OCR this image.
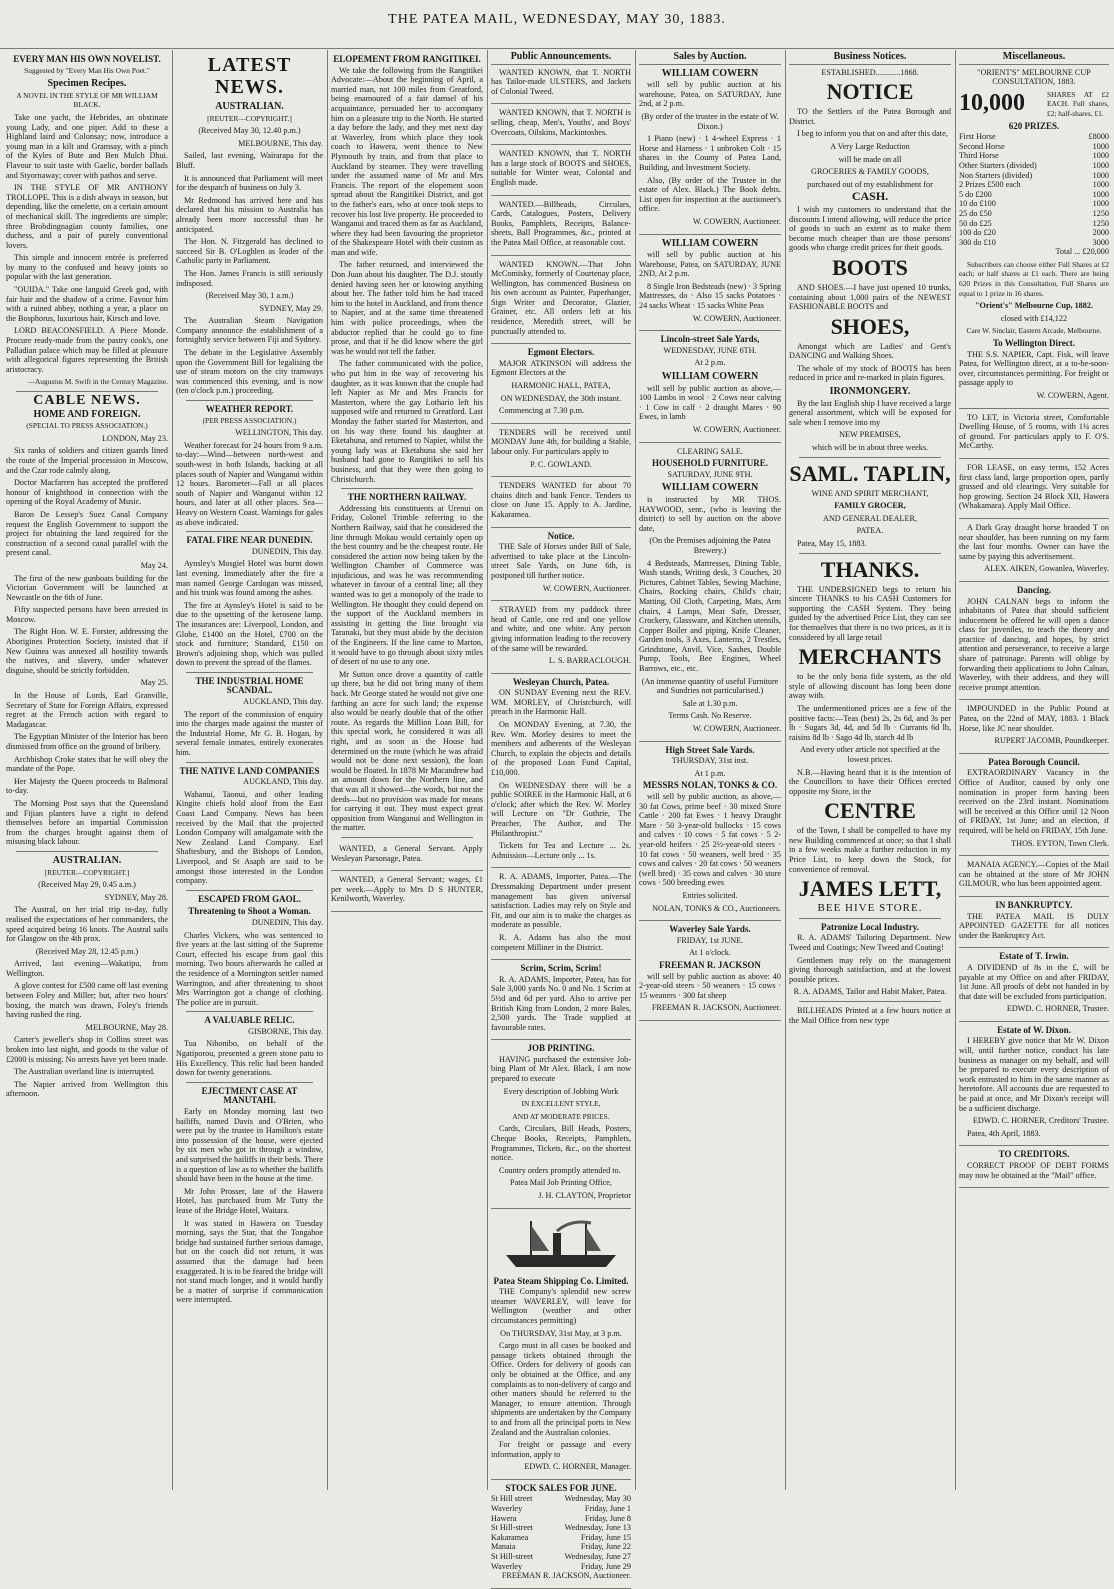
THE PATEA MAIL, WEDNESDAY, MAY 30, 1883.
EVERY MAN HIS OWN NOVELIST.

Suggested by "Every Man His Own Poet."

Specimen Recipes.

A NOVEL IN THE STYLE OF MR WILLIAM BLACK.

Take one yacht, the Hebrides, an obstinate young Lady, and one piper. Add to these a Highland laird and Colonsay; now, introduce a young man in a kilt and Gramsay, with a pinch of the Kyles of Bute and Ben Mulch Dhui. Flavour to suit taste with Gaelic, border ballads and Styornaway; cover with pathos and serve.

IN THE STYLE OF MR ANTHONY TROLLOPE. This is a dish always in season, but depending, like the omelette, on a certain amount of mechanical skill. The ingredients are simple; three Brobdingnagian county families, one duchess, and a pair of purely conventional lovers.

This simple and innocent entrée is preferred by many to the confused and heavy joints so popular with the last generation.

"OUIDA." Take one languid Greek god, with fair hair and the shadow of a crime. Favour him with a ruined abbey, nothing a year, a place on the Bosphorus, luxurious hair, Kirsch and love.

LORD BEACONSFIELD. A Piece Monde. Procure ready-made from the pastry cook's, one Palladian palace which may be filled at pleasure with allegorical figures representing the British aristocracy.

—Augustus M. Swift in the Century Magazine.

CABLE NEWS.
HOME AND FOREIGN.

(SPECIAL TO PRESS ASSOCIATION.)

LONDON, May 23.

Six ranks of soldiers and citizen guards lined the route of the Imperial procession in Moscow, and the Czar rode calmly along.

Doctor Macfarren has accepted the proffered honour of knighthood in connection with the opening of the Royal Academy of Music.

Baron De Lessep's Suez Canal Company request the English Government to support the project for obtaining the land required for the construction of a second canal parallel with the present canal.

May 24.

The first of the new gunboats building for the Victorian Government will be launched at Newcastle on the 6th of June.

Fifty suspected persons have been arrested in Moscow.

The Right Hon. W. E. Forster, addressing the Aborigines Protection Society, insisted that if New Guinea was annexed all hostility towards the natives, and slavery, under whatever disguise, should be strictly forbidden.

May 25.

In the House of Lords, Earl Granville, Secretary of State for Foreign Affairs, expressed regret at the French action with regard to Madagascar.

The Egyptian Minister of the Interior has been dismissed from office on the ground of bribery.

Archbishop Croke states that he will obey the mandate of the Pope.

Her Majesty the Queen proceeds to Balmoral to-day.

The Morning Post says that the Queensland and Fijian planters have a right to defend themselves before an impartial Commission from the charges brought against them of misusing black labour.

AUSTRALIAN.

[REUTER—COPYRIGHT.]

(Received May 29, 0.45 a.m.)

SYDNEY, May 28.

The Austral, on her trial trip to-day, fully realised the expectations of her commanders, the speed acquired being 16 knots. The Austral sails for Glasgow on the 4th prox.

(Received May 28, 12.45 p.m.)

Arrived, last evening—Wakatipu, from Wellington.

A glove contest for £500 came off last evening between Foley and Miller; but, after two hours' boxing, the match was drawn, Foley's friends having rushed the ring.

MELBOURNE, May 28.

Carter's jeweller's shop in Collins street was broken into last night, and goods to the value of £2000 is missing. No arrests have yet been made.

The Australian overland line is interrupted.

The Napier arrived from Wellington this afternoon.

LATEST NEWS.
AUSTRALIAN.

[REUTER—COPYRIGHT.]

(Received May 30, 12.40 p.m.)

MELBOURNE, This day.

Sailed, last evening, Wairarapa for the Bluff.

It is announced that Parliament will meet for the despatch of business on July 3.

Mr Redmond has arrived here and has declared that his mission to Australia has already been more successful than he anticipated.

The Hon. N. Fitzgerald has declined to succeed Sir B. O'Loghlen as leader of the Catholic party in Parliament.

The Hon. James Francis is still seriously indisposed.

(Received May 30, 1 a.m.)

SYDNEY, May 29.

The Australian Steam Navigation Company announce the establishment of a fortnightly service between Fiji and Sydney.

The debate in the Legislative Assembly upon the Government Bill for legalising the use of steam motors on the city tramways was commenced this evening, and is now (ten o'clock p.m.) proceeding.

WEATHER REPORT.

(PER PRESS ASSOCIATION.)

WELLINGTON, This day.

Weather forecast for 24 hours from 9 a.m. to-day:—Wind—between north-west and south-west in both Islands, backing at all places south of Napier and Wanganui within 12 hours. Barometer—Fall at all places south of Napier and Wanganui within 12 hours, and later at all other places. Sea—Heavy on Western Coast. Warnings for gales as above indicated.

FATAL FIRE NEAR DUNEDIN.

DUNEDIN, This day.

Aynsley's Mosgiel Hotel was burnt down last evening. Immediately after the fire a man named George Cardogan was missed, and his trunk was found among the ashes.

The fire at Aynsley's Hotel is said to be due to the upsetting of the kerosene lamp. The insurances are: Liverpool, London, and Globe, £1400 on the Hotel, £700 on the stock and furniture; Standard, £150 on Brown's adjoining shop, which was pulled down to prevent the spread of the flames.

THE INDUSTRIAL HOME SCANDAL.

AUCKLAND, This day.

The report of the commission of enquiry into the charges made against the master of the Industrial Home, Mr G. B. Hogan, by several female inmates, entirely exonerates him.

THE NATIVE LAND COMPANIES

AUCKLAND, This day.

Wahanui, Taonui, and other leading Kingite chiefs hold aloof from the East Coast Land Company. News has been received by the Mail that the projected London Company will amalgamate with the New Zealand Land Company. Earl Shaftesbury, and the Bishops of London, Liverpool, and St Asaph are said to be amongst those interested in the London company.

ESCAPED FROM GAOL.
Threatening to Shoot a Woman.

DUNEDIN, This day.

Charles Vickers, who was sentenced to five years at the last sitting of the Supreme Court, effected his escape from gaol this morning. Two hours afterwards he called at the residence of a Mornington settler named Warrington, and after threatening to shoot Mrs Warrington got a change of clothing. The police are in pursuit.

A VALUABLE RELIC.

GISBORNE, This day.

Tua Nihonibo, on behalf of the Ngatiporou, presented a green stone patu to His Excellency. This relic had been handed down for twenty generations.

EJECTMENT CASE AT MANUTAHI.

Early on Monday morning last two bailiffs, named Davis and O'Brien, who were put by the trustee in Hamilton's estate into possession of the house, were ejected by six men who got in through a window, and surprised the bailiffs in their beds. There is a question of law as to whether the bailiffs should have been in the house at the time.

Mr John Prosser, late of the Hawera Hotel, has purchased from Mr Tutty the lease of the Bridge Hotel, Waitara.

It was stated in Hawera on Tuesday morning, says the Star, that the Tongahoe bridge had sustained further serious damage, but on the coach did not return, it was assumed that the damage had been exaggerated. It is to be feared the bridge will not stand much longer, and it would hardly be a matter of surprise if communication were interrupted.

ELOPEMENT FROM RANGITIKEI.

We take the following from the Rangitikei Advocate:—About the beginning of April, a married man, not 100 miles from Greatford, being enamoured of a fair damsel of his acquaintance, persuaded her to accompany him on a pleasure trip to the North. He started a day before the lady, and they met next day at Waverley, from which place they took coach to Hawera, went thence to New Plymouth by train, and from that place to Auckland by steamer. They were travelling under the assumed name of Mr and Mrs Francis. The report of the elopement soon spread about the Rangitikei District, and got to the father's ears, who at once took steps to recover his lost live property. He proceeded to Wanganui and traced them as far as Auckland, where they had been favouring the proprietor of the Shakespeare Hotel with their custom as man and wife.

The father returned, and interviewed the Don Juan about his daughter. The D.J. stoutly denied having seen her or knowing anything about her. The father told him he had traced him to the hotel in Auckland, and from thence to Napier, and at the same time threatened him with police proceedings, when the abductor replied that he could go to fine prose, and that if he did know where the girl was he would not tell the father.

The father communicated with the police, who put him in the way of recovering his daughter, as it was known that the couple had left Napier as Mr and Mrs Francis for Masterton, where the gay Lothario left his supposed wife and returned to Greatford. Last Monday the father started for Masterton, and on his way there found his daughter at Eketahuna, and returned to Napier, whilst the young lady was at Eketahuna she said her husband had gone to Rangitikei to sell his business, and that they were then going to Christchurch.

THE NORTHERN RAILWAY.

Addressing his constituents at Urenui on Friday, Colonel Trimble referring to the Northern Railway, said that he considered the line through Mokau would certainly open up the best country and be the cheapest route. He considered the action now being taken by the Wellington Chamber of Commerce was injudicious, and was he was recommending whatever in favour of a central line; all they wanted was to get a monopoly of the trade to Wellington. He thought they could depend on the support of the Auckland members in assisting in getting the line brought via Taranaki, but they must abide by the decision of the Engineers. If the line came to Marton, it would have to go through about sixty miles of desert of no use to any one.

Mr Sutton once drove a quantity of cattle up there, but he did not bring many of them back. Mr George stated he would not give one farthing an acre for such land; the expense also would be nearly double that of the other route. As regards the Million Loan Bill, for this special work, he considered it was all right, and as soon as the House had determined on the route (which he was afraid would not be done next session), the loan would be floated. In 1878 Mr Macandrew had an amount down for the Northern line, and that was all it showed—the words, but not the deeds—but no provision was made for means for carrying it out. They must expect great opposition from Wanganui and Wellington in the matter.

WANTED, a General Servant. Apply Wesleyan Parsonage, Patea.

WANTED, a General Servant; wages, £1 per week.—Apply to Mrs D S HUNTER, Kenilworth, Waverley.

Public Announcements.

WANTED KNOWN, that T. NORTH has Tailor-made ULSTERS, and Jackets of Colonial Tweed.

WANTED KNOWN, that T. NORTH is selling, cheap, Men's, Youths', and Boys' Overcoats, Oilskins, Mackintoshes.

WANTED KNOWN, that T. NORTH has a large stock of BOOTS and SHOES, suitable for Winter wear, Colonial and English made.

WANTED.—Billheads, Circulars, Cards, Catalogues, Posters, Delivery Books, Pamphlets, Receipts, Balance-sheets, Ball Programmes, &c., printed at the Patea Mail Office, at reasonable cost.

WANTED KNOWN.—That John McComisky, formerly of Courtenay place, Wellington, has commenced Business on his own account as Painter, Paperhanger, Sign Writer and Decorator, Glazier, Grainer, etc. All orders left at his residence, Meredith street, will be punctually attended to.

Egmont Electors.

MAJOR ATKINSON will address the Egmont Electors at the

HARMONIC HALL, PATEA,

ON WEDNESDAY, the 30th instant.

Commencing at 7.30 p.m.

TENDERS will be received until MONDAY June 4th, for building a Stable, labour only. For particulars apply to

P. C. GOWLAND.

TENDERS WANTED for about 70 chains ditch and bank Fence. Tenders to close on June 15. Apply to A. Jardine, Kakaramea.

Notice.

THE Sale of Horses under Bill of Sale, advertised to take place at the Lincoln-street Sale Yards, on June 6th, is postponed till further notice.

W. COWERN, Auctioneer.

STRAYED from my paddock three head of Cattle, one red and one yellow and white, and one white. Any person giving information leading to the recovery of the same will be rewarded.

L. S. BARRACLOUGH.

Wesleyan Church, Patea.

ON SUNDAY Evening next the REV. WM. MORLEY, of Christchurch, will preach in the Harmonic Hall.

On MONDAY Evening, at 7.30, the Rev. Wm. Morley desires to meet the members and adherents of the Wesleyan Church, to explain the objects and details of the proposed Loan Fund Capital, £10,000.

On WEDNESDAY there will be a public SOIREE in the Harmonic Hall, at 6 o'clock; after which the Rev. W. Morley will Lecture on "Dr Guthrie, The Preacher, The Author, and The Philanthropist."

Tickets for Tea and Lecture ... 2s. Admission—Lecture only ... 1s.

R. A. ADAMS, Importer, Patea.—The Dressmaking Department under present management has given universal satisfaction. Ladies may rely on Style and Fit, and our aim is to make the charges as moderate as possible.

R. A. Adams has also the most competent Milliner in the District.

Scrim, Scrim, Scrim!

R. A. ADAMS, Importer, Patea, has for Sale 3,000 yards No. 0 and No. 1 Scrim at 5½d and 6d per yard. Also to arrive per British King from London, 2 more Bales, 2,500 yards. The Trade supplied at favourable rates.

JOB PRINTING.

HAVING purchased the extensive Job-bing Plant of Mr Alex. Black, I am now prepared to execute

Every description of Jobbing Work

IN EXCELLENT STYLE,

AND AT MODERATE PRICES.

Cards, Circulars, Bill Heads, Posters, Cheque Books, Receipts, Pamphlets, Programmes, Tickets, &c., on the shortest notice.

Country orders promptly attended to.

Patea Mail Job Printing Office,

J. H. CLAYTON, Proprietor

Patea Steam Shipping Co. Limited.

THE Company's splendid new screw steamer WAVERLEY, will leave for Wellington (weather and other circumstances permitting)

On THURSDAY, 31st May, at 3 p.m.

Cargo must in all cases be booked and passage tickets obtained through the Office. Orders for delivery of goods can only be obtained at the Office, and any complaints as to non-delivery of cargo and other matters should be referred to the Manager, to ensure attention. Through shipments are undertaken by the Company to and from all the principal ports in New Zealand and the Australian colonies.

For freight or passage and every information, apply to

EDWD. C. HORNER, Manager.

STOCK SALES FOR JUNE.
St Hill street	Wednesday, May 30
Waverley	Friday, June 1
Hawera	Friday, June 8
St Hill-street	Wednesday, June 13
Kakaramea	Friday, June 15
Manaia	Friday, June 22
St Hill-street	Wednesday, June 27
Waverley	Friday, June 29

FREEMAN R. JACKSON, Auctioneer.

Sales by Auction.
WILLIAM COWERN

will sell by public auction at his warehouse, Patea, on SATURDAY, June 2nd, at 2 p.m.

(By order of the trustee in the estate of W. Dixon.)

1 Piano (new) · 1 4-wheel Express · 1 Horse and Harness · 1 unbroken Colt · 15 shares in the County of Patea Land, Building, and Investment Society.

Also, (By order of the Trustee in the estate of Alex. Black.) The Book debts. List open for inspection at the auctioneer's office.

W. COWERN, Auctioneer.

WILLIAM COWERN

will sell by public auction at his Warehouse, Patea, on SATURDAY, JUNE 2ND, At 2 p.m.

8 Single Iron Bedsteads (new) · 3 Spring Mattresses, do · Also 15 sacks Potatoes · 24 sacks Wheat · 15 sacks White Peas

W. COWERN, Auctioneer.

Lincoln-street Sale Yards,

WEDNESDAY, JUNE 6TH.

At 2 p.m.

WILLIAM COWERN

will sell by public auction as above,—100 Lambs in wool · 2 Cows near calving · 1 Cow in calf · 2 draught Mares · 90 Ewes, in lamb

W. COWERN, Auctioneer.

CLEARING SALE.

HOUSEHOLD FURNITURE.

SATURDAY, JUNE 9TH.

WILLIAM COWERN

is instructed by MR THOS. HAYWOOD, senr., (who is leaving the district) to sell by auction on the above date,

(On the Premises adjoining the Patea Brewery.)

4 Bedsteads, Mattresses, Dining Table, Wash stands, Writing desk, 3 Couches, 20 Pictures, Cabinet Tables, Sewing Machine, Chairs, Rocking chairs, Child's chair, Matting, Oil Cloth, Carpeting, Mats, Arm chairs, 4 Lamps, Meat Safe, Dresser, Crockery, Glassware, and Kitchen utensils, Copper Boiler and piping, Knife Cleaner, Garden tools, 3 Axes, Lanterns, 2 Trestles, Grindstone, Anvil, Vice, Sashes, Double Pump, Tools, Bee Engines, Wheel Barrows, etc., etc.

(An immense quantity of useful Furniture and Sundries not particularised.)

Sale at 1.30 p.m.

Terms Cash. No Reserve.

W. COWERN, Auctioneer.

High Street Sale Yards.

THURSDAY, 31st inst.

At 1 p.m.

MESSRS NOLAN, TONKS & CO.

will sell by public auction, as above,—30 fat Cows, prime beef · 30 mixed Store Cattle · 200 fat Ewes · 1 heavy Draught Mare · 50 3-year-old bullocks · 15 cows and calves · 10 cows · 5 fat cows · 5 2-year-old heifers · 25 2½-year-old steers · 10 fat cows · 50 weaners, well bred · 35 cows and calves · 20 fat cows · 50 weaners (well bred) · 35 cows and calves · 30 store cows · 500 breeding ewes

Entries solicited.

NOLAN, TONKS & CO., Auctioneers.

Waverley Sale Yards.

FRIDAY, 1st JUNE.

At 1 o'clock.

FREEMAN R. JACKSON

will sell by public auction as above: 40 2-year-old steers · 50 weaners · 15 cows · 15 weaners · 300 fat sheep

FREEMAN R. JACKSON, Auctioneer.

Business Notices.

ESTABLISHED............1868.

NOTICE

TO the Settlers of the Patea Borough and District.

I beg to inform you that on and after this date,

A Very Large Reduction

will be made on all

GROCERIES & FAMILY GOODS,

purchased out of my establishment for

CASH.

I wish my customers to understand that the discounts I intend allowing, will reduce the price of goods to such an extent as to make them become much cheaper than are those persons' goods who charge credit prices for their goods.

BOOTS

AND SHOES.—I have just opened 10 trunks, containing about 1,000 pairs of the NEWEST FASHIONABLE BOOTS and

SHOES,

Amongst which are Ladies' and Gent's DANCING and Walking Shoes.

The whole of my stock of BOOTS has been reduced in price and re-marked in plain figures.

IRONMONGERY.

By the last English ship I have received a large general assortment, which will be exposed for sale when I remove into my

NEW PREMISES,

which will be in about three weeks.

SAML. TAPLIN,

WINE AND SPIRIT MERCHANT,

FAMILY GROCER,

AND GENERAL DEALER,

PATEA.

Patea, May 15, 1883.

THANKS.

THE UNDERSIGNED begs to return his sincere THANKS to his CASH Customers for supporting the CASH System. They being guided by the advertised Price List, they can see for themselves that there is no two prices, as it is considered by all large retail

MERCHANTS

to be the only bona fide system, as the old style of allowing discount has long been done away with.

The undermentioned prices are a few of the positive facts:—Teas (best) 2s, 2s 6d, and 3s per lb · Sugars 3d, 4d, and 5d lb · Currants 6d lb, raisins 8d lb · Sago 4d lb, starch 4d lb

And every other article not specified at the lowest prices.

N.B.—Having heard that it is the intention of the Councillors to have their Offices erected opposite my Store, in the

CENTRE

of the Town, I shall be compelled to have my new Building commenced at once; so that I shall in a few weeks make a further reduction in my Price List, to keep down the Stock, for convenience of removal.

JAMES LETT,

BEE HIVE STORE.

Patronize Local Industry.

R. A. ADAMS' Tailoring Department. New Tweed and Coatings; New Tweed and Coating!

Gentlemen may rely on the management giving thorough satisfaction, and at the lowest possible prices.

R. A. ADAMS, Tailor and Habit Maker, Patea.

BILLHEADS Printed at a few hours notice at the Mail Office from new type

Miscellaneous.

"ORIENT'S" MELBOURNE CUP CONSULTATION, 1883.

10,000	SHARES AT £2 EACH. Full shares, £2; half-shares, £1.
620 PRIZES.
First Horse	£8000
Second Horse	1000
Third Horse	1000
Other Starters (divided)	1000
Non Starters (divided)	1000
2 Prizes £500 each	1000
5 do £200	1000
10 do £100	1000
25 do £50	1250
50 do £25	1250
100 do £20	2000
300 do £10	3000

Total ... £20,000

Subscribers can choose either Full Shares at £2 each; or half shares at £1 each. There are being 620 Prizes in this Consultation, Full Shares are equal to 1 prize in 16 shares.

"Orient's" Melbourne Cup, 1882.

closed with £14,122

Care W. Sinclair, Eastern Arcade, Melbourne.

To Wellington Direct.

THE S.S. NAPIER, Capt. Fisk, will leave Patea, for Wellington direct, at a to-be-soon-over, circumstances permitting. For freight or passage apply to

W. COWERN, Agent.

TO LET, in Victoria street, Comfortable Dwelling House, of 5 rooms, with 1¼ acres of ground. For particulars apply to F. O'S. McCarthy.

FOR LEASE, on easy terms, 152 Acres first class land, large proportion open, partly grassed and old clearings. Very suitable for hop growing. Section 24 Block XII, Hawera (Whakamara). Apply Mail Office.

A Dark Gray draught horse branded T on near shoulder, has been running on my farm the last four months. Owner can have the same by paying this advertisement.

ALEX. AIKEN, Gowanlea, Waverley.

Dancing.

JOHN CALNAN begs to inform the inhabitants of Patea that should sufficient inducement be offered he will open a dance class for juveniles, to teach the theory and practice of dancing, and hopes, by strict attention and perseverance, to receive a large share of patronage. Parents will oblige by forwarding their applications to John Calnan, Waverley, with their address, and they will receive prompt attention.

IMPOUNDED in the Public Pound at Patea, on the 22nd of MAY, 1883. 1 Black Horse, like JC near shoulder.

RUPERT JACOMB, Poundkeeper.

Patea Borough Council.

EXTRAORDINARY Vacancy in the Office of Auditor, caused by only one nomination in proper form having been received on the 23rd instant. Nominations will be received at this Office until 12 Noon of FRIDAY, 1st June; and an election, if required, will be held on FRIDAY, 15th June.

THOS. EYTON, Town Clerk.

MANAIA AGENCY.—Copies of the Mail can be obtained at the store of Mr JOHN GILMOUR, who has been appointed agent.

IN BANKRUPTCY.

THE PATEA MAIL IS DULY APPOINTED GAZETTE for all notices under the Bankruptcy Act.

Estate of T. Irwin.

A DIVIDEND of 8s in the £, will be payable at my Office on and after FRIDAY, 1st June. All proofs of debt not handed in by that date will be excluded from participation.

EDWD. C. HORNER, Trustee.

Estate of W. Dixon.

I HEREBY give notice that Mr W. Dixon will, until further notice, conduct his late business as manager on my behalf, and will be prepared to execute every description of work entrusted to him in the same manner as heretofore. All accounts due are requested to be paid at once, and Mr Dixon's receipt will be a sufficient discharge.

EDWD. C. HORNER, Creditors' Trustee.

Patea, 4th April, 1883.

TO CREDITORS.

CORRECT PROOF OF DEBT FORMS may now be obtained at the "Mail" office.
